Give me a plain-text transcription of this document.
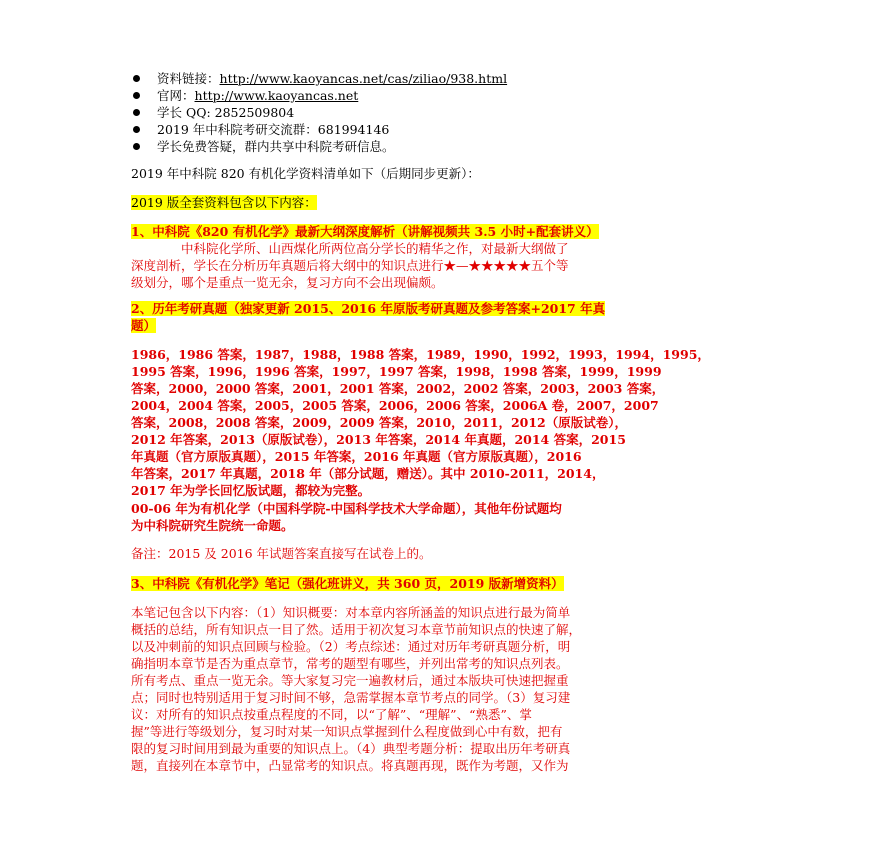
资料链接：http://www.kaoyancas.net/cas/ziliao/938.html
官网：http://www.kaoyancas.net
学长 QQ: 2852509804
2019 年中科院考研交流群：681994146
学长免费答疑，群内共享中科院考研信息。
2019 年中科院 820 有机化学资料清单如下（后期同步更新）：
2019 版全套资料包含以下内容：
1、中科院《820 有机化学》最新大纲深度解析（讲解视频共 3.5 小时+配套讲义）
　　　　中科院化学所、山西煤化所两位高分学长的精华之作，对最新大纲做了
深度剖析，学长在分析历年真题后将大纲中的知识点进行★—★★★★★五个等
级划分，哪个是重点一览无余，复习方向不会出现偏颇。
2、历年考研真题（独家更新 2015、2016 年原版考研真题及参考答案+2017 年真
题）
1986，1986 答案，1987，1988，1988 答案，1989，1990，1992，1993，1994，1995，
1995 答案，1996，1996 答案，1997，1997 答案，1998，1998 答案，1999，1999
答案，2000，2000 答案，2001，2001 答案，2002，2002 答案，2003，2003 答案，
2004，2004 答案，2005，2005 答案，2006，2006 答案，2006A 卷，2007，2007
答案，2008，2008 答案，2009，2009 答案，2010，2011，2012（原版试卷），
2012 年答案，2013（原版试卷），2013 年答案，2014 年真题，2014 答案，2015
年真题（官方原版真题），2015 年答案，2016 年真题（官方原版真题），2016
年答案，2017 年真题，2018 年（部分试题，赠送）。其中 2010-2011，2014，
2017 年为学长回忆版试题，都较为完整。
00-06 年为有机化学（中国科学院-中国科学技术大学命题），其他年份试题均
为中科院研究生院统一命题。
备注：2015 及 2016 年试题答案直接写在试卷上的。
3、中科院《有机化学》笔记（强化班讲义，共 360 页，2019 版新增资料）
本笔记包含以下内容：（1）知识概要：对本章内容所涵盖的知识点进行最为简单
概括的总结，所有知识点一目了然。适用于初次复习本章节前知识点的快速了解，
以及冲刺前的知识点回顾与检验。（2）考点综述：通过对历年考研真题分析，明
确指明本章节是否为重点章节，常考的题型有哪些，并列出常考的知识点列表。
所有考点、重点一览无余。等大家复习完一遍教材后，通过本版块可快速把握重
点；同时也特别适用于复习时间不够，急需掌握本章节考点的同学。（3）复习建
议：对所有的知识点按重点程度的不同，以“了解”、“理解”、“熟悉”、掌
握”等进行等级划分，复习时对某一知识点掌握到什么程度做到心中有数，把有
限的复习时间用到最为重要的知识点上。（4）典型考题分析：提取出历年考研真
题，直接列在本章节中，凸显常考的知识点。将真题再现，既作为考题，又作为
